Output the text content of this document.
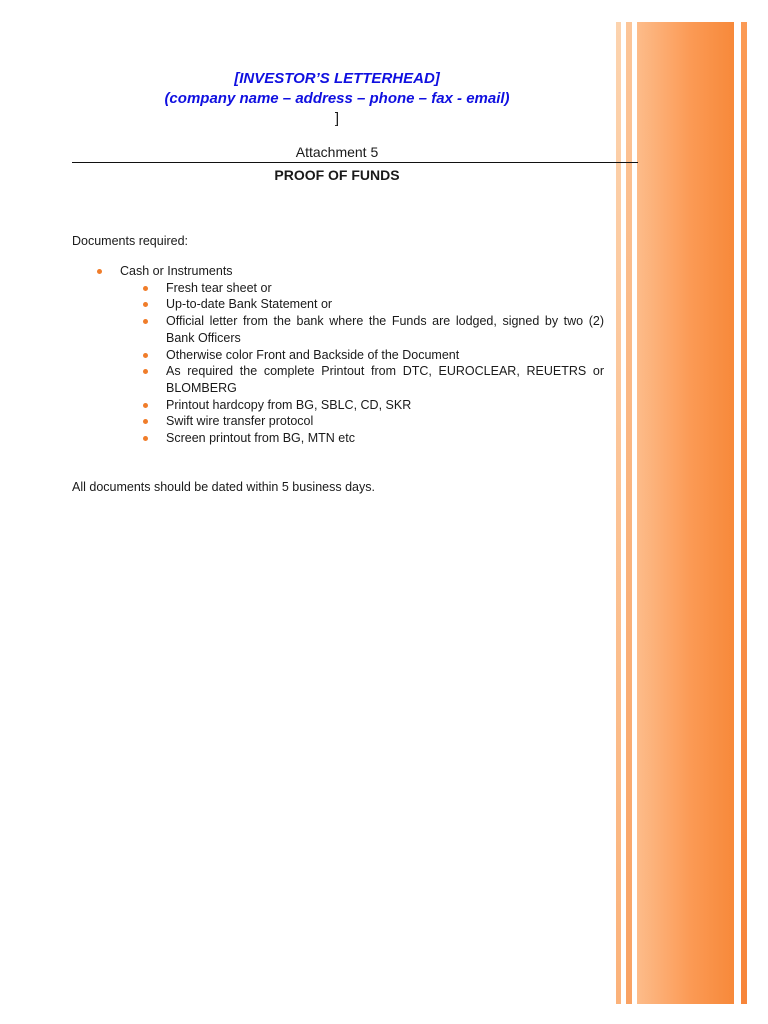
[INVESTOR’S LETTERHEAD]
(company name – address – phone – fax - email)
]
Attachment 5
PROOF OF FUNDS
Documents required:
Cash or Instruments
Fresh tear sheet or
Up-to-date Bank Statement or
Official letter from the bank where the Funds are lodged, signed by two (2) Bank Officers
Otherwise color Front and Backside of the Document
As required the complete Printout from DTC, EUROCLEAR, REUETRS or BLOMBERG
Printout hardcopy from BG, SBLC, CD, SKR
Swift wire transfer protocol
Screen printout from BG, MTN etc
All documents should be dated within 5 business days.
